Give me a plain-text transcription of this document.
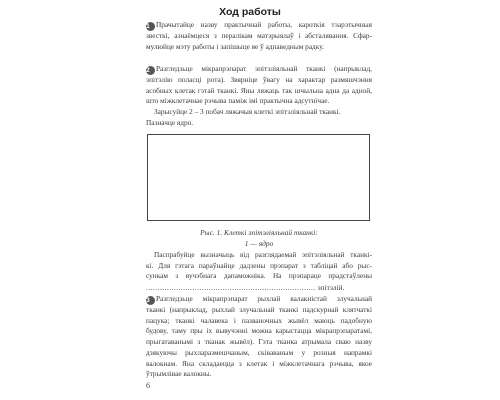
Ход работы
1 Прачытайце назву практычнай работы, кароткія тэарэтычныя
звесткі, азнаёмцеся з пералікам матэрыялаў і абсталявання. Сфар-
мулюйце мэту работы і запішыце яе ў адпаведным радку.
2 Разгледзьце мікрапрэпарат эпітэліяльнай тканкі (напрыклад,
эпітэлію поласці рота). Звярніце ўвагу на характар размяшчэння
асобных клетак гэтай тканкі. Яны ляжаць так шчыльна адна да адной,
што міжклетачнае рэчыва паміж імі практычна адсутнічае.
Зарысуйце 2 – 3 побач ляжачыя клеткі эпітэліяльнай тканкі.
Пазначце ядро.
Рыс. 1. Клеткі эпітэліяльнай тканкі:
1 — ядро
Паспрабуйце вызначыць від разглядаемай эпітэліяльнай тканкі-
кі. Для гэтага параўнайце дадзены прэпарат з табліцай або рыс-
сункам з вучэбнага дапаможніка. На прэпараце прадстаўлены
......................................................................... эпітэлій.
3 Разгледзьце мікрапрэпарат рыхлай валакністай злучальнай
тканкі (напрыклад, рыхлай злучальнай тканкі падскурнай клятчаткі
пацука; тканкі чалавека і пазваночных жывёл маюць падобную
будову, таму пры іх вывучэнні можна карыстацца мікрапрэпаратамі,
прыгатаванымі з тканак жывёл). Гэта тканка атрымала сваю назву
дзякуючы рыхларазмешчаным, сківаваным у розныя напрамкі
валокнам. Яна складаецца з клетак і міжклетачнага рэчыва, якое
ўтрымлівае валокны.
6
